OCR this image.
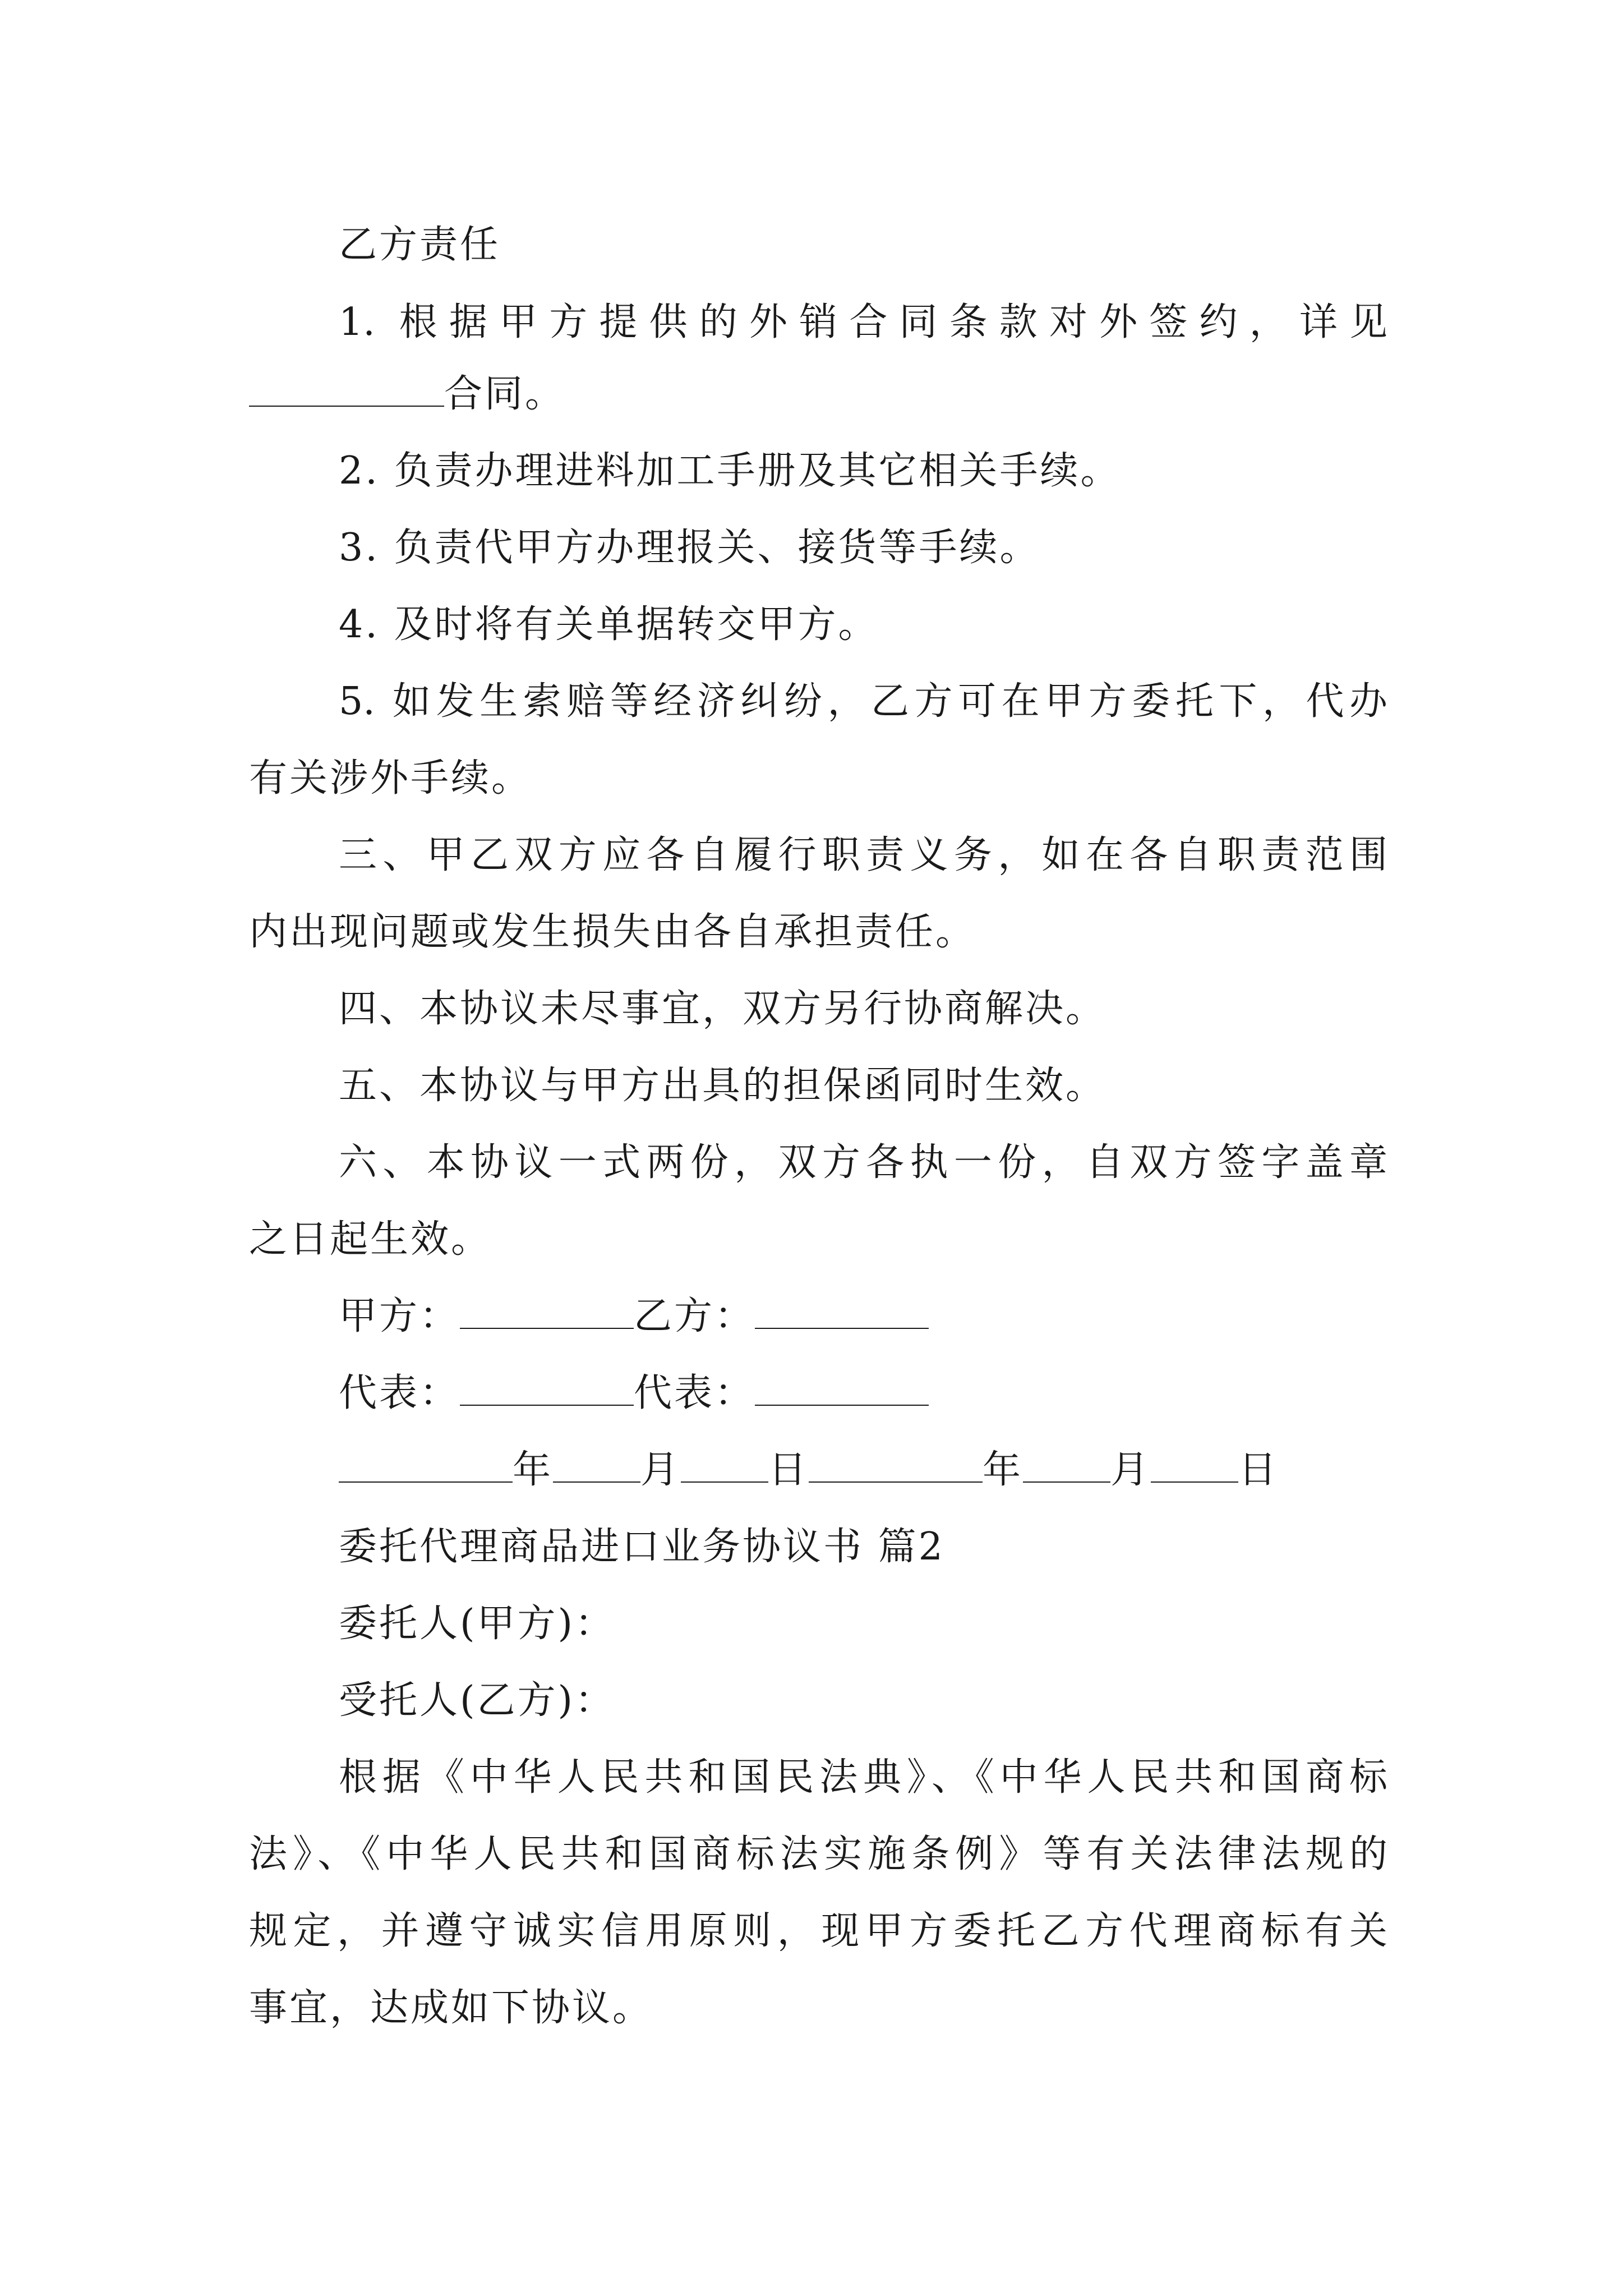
乙方责任
1. 根据甲方提供的外销合同条款对外签约，详见
合同。
2. 负责办理进料加工手册及其它相关手续。
3. 负责代甲方办理报关、接货等手续。
4. 及时将有关单据转交甲方。
5. 如发生索赔等经济纠纷，乙方可在甲方委托下，代办
有关涉外手续。
三、甲乙双方应各自履行职责义务，如在各自职责范围
内出现问题或发生损失由各自承担责任。
四、本协议未尽事宜，双方另行协商解决。
五、本协议与甲方出具的担保函同时生效。
六、本协议一式两份，双方各执一份，自双方签字盖章
之日起生效。
甲方：	乙方：
代表：	代表：
年 月 日	年 月 日
委托代理商品进口业务协议书 篇2
委托人(甲方)：
受托人(乙方)：
根据《中华人民共和国民法典》、《中华人民共和国商标
法》、《中华人民共和国商标法实施条例》等有关法律法规的
规定，并遵守诚实信用原则，现甲方委托乙方代理商标有关
事宜，达成如下协议。
